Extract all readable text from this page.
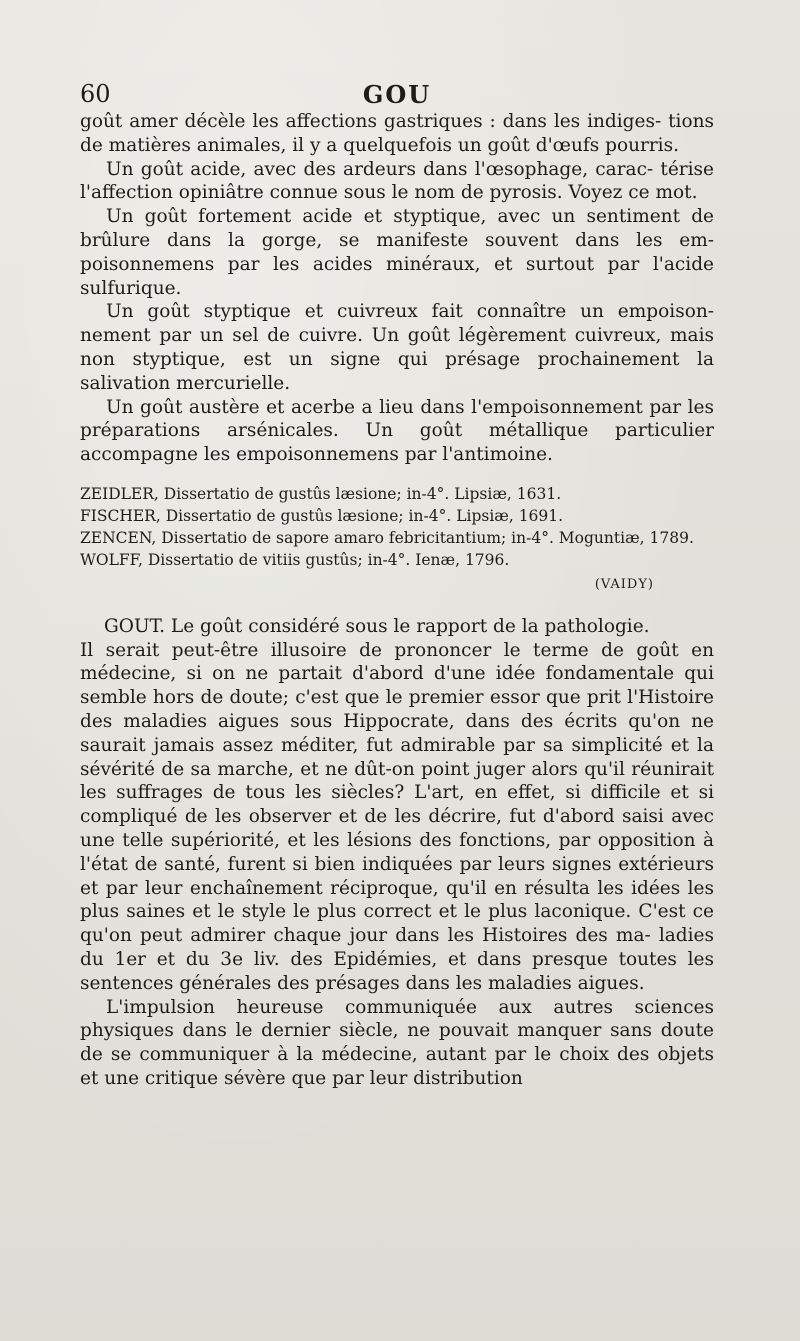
60	GOU

goût amer décèle les affections gastriques : dans les indiges- tions de matières animales, il y a quelquefois un goût d'œufs pourris.

Un goût acide, avec des ardeurs dans l'œsophage, carac- térise l'affection opiniâtre connue sous le nom de pyrosis. Voyez ce mot.

Un goût fortement acide et styptique, avec un sentiment de brûlure dans la gorge, se manifeste souvent dans les em- poisonnemens par les acides minéraux, et surtout par l'acide sulfurique.

Un goût styptique et cuivreux fait connaître un empoison- nement par un sel de cuivre. Un goût légèrement cuivreux, mais non styptique, est un signe qui présage prochainement la salivation mercurielle.

Un goût austère et acerbe a lieu dans l'empoisonnement par les préparations arsénicales. Un goût métallique particulier accompagne les empoisonnemens par l'antimoine.

ZEIDLER, Dissertatio de gustûs læsione; in-4°. Lipsiæ, 1631.

FISCHER, Dissertatio de gustûs læsione; in-4°. Lipsiæ, 1691.

ZENCEN, Dissertatio de sapore amaro febricitantium; in-4°. Moguntiæ, 1789.

WOLFF, Dissertatio de vitiis gustûs; in-4°. Ienæ, 1796.

(VAIDY)

GOUT. Le goût considéré sous le rapport de la pathologie.

Il serait peut-être illusoire de prononcer le terme de goût en médecine, si on ne partait d'abord d'une idée fondamentale qui semble hors de doute; c'est que le premier essor que prit l'Histoire des maladies aigues sous Hippocrate, dans des écrits qu'on ne saurait jamais assez méditer, fut admirable par sa simplicité et la sévérité de sa marche, et ne dût-on point juger alors qu'il réunirait les suffrages de tous les siècles? L'art, en effet, si difficile et si compliqué de les observer et de les décrire, fut d'abord saisi avec une telle supériorité, et les lésions des fonctions, par opposition à l'état de santé, furent si bien indiquées par leurs signes extérieurs et par leur enchaînement réciproque, qu'il en résulta les idées les plus saines et le style le plus correct et le plus laconique. C'est ce qu'on peut admirer chaque jour dans les Histoires des ma- ladies du 1er et du 3e liv. des Epidémies, et dans presque toutes les sentences générales des présages dans les maladies aigues.

L'impulsion heureuse communiquée aux autres sciences physiques dans le dernier siècle, ne pouvait manquer sans doute de se communiquer à la médecine, autant par le choix des objets et une critique sévère que par leur distribution
